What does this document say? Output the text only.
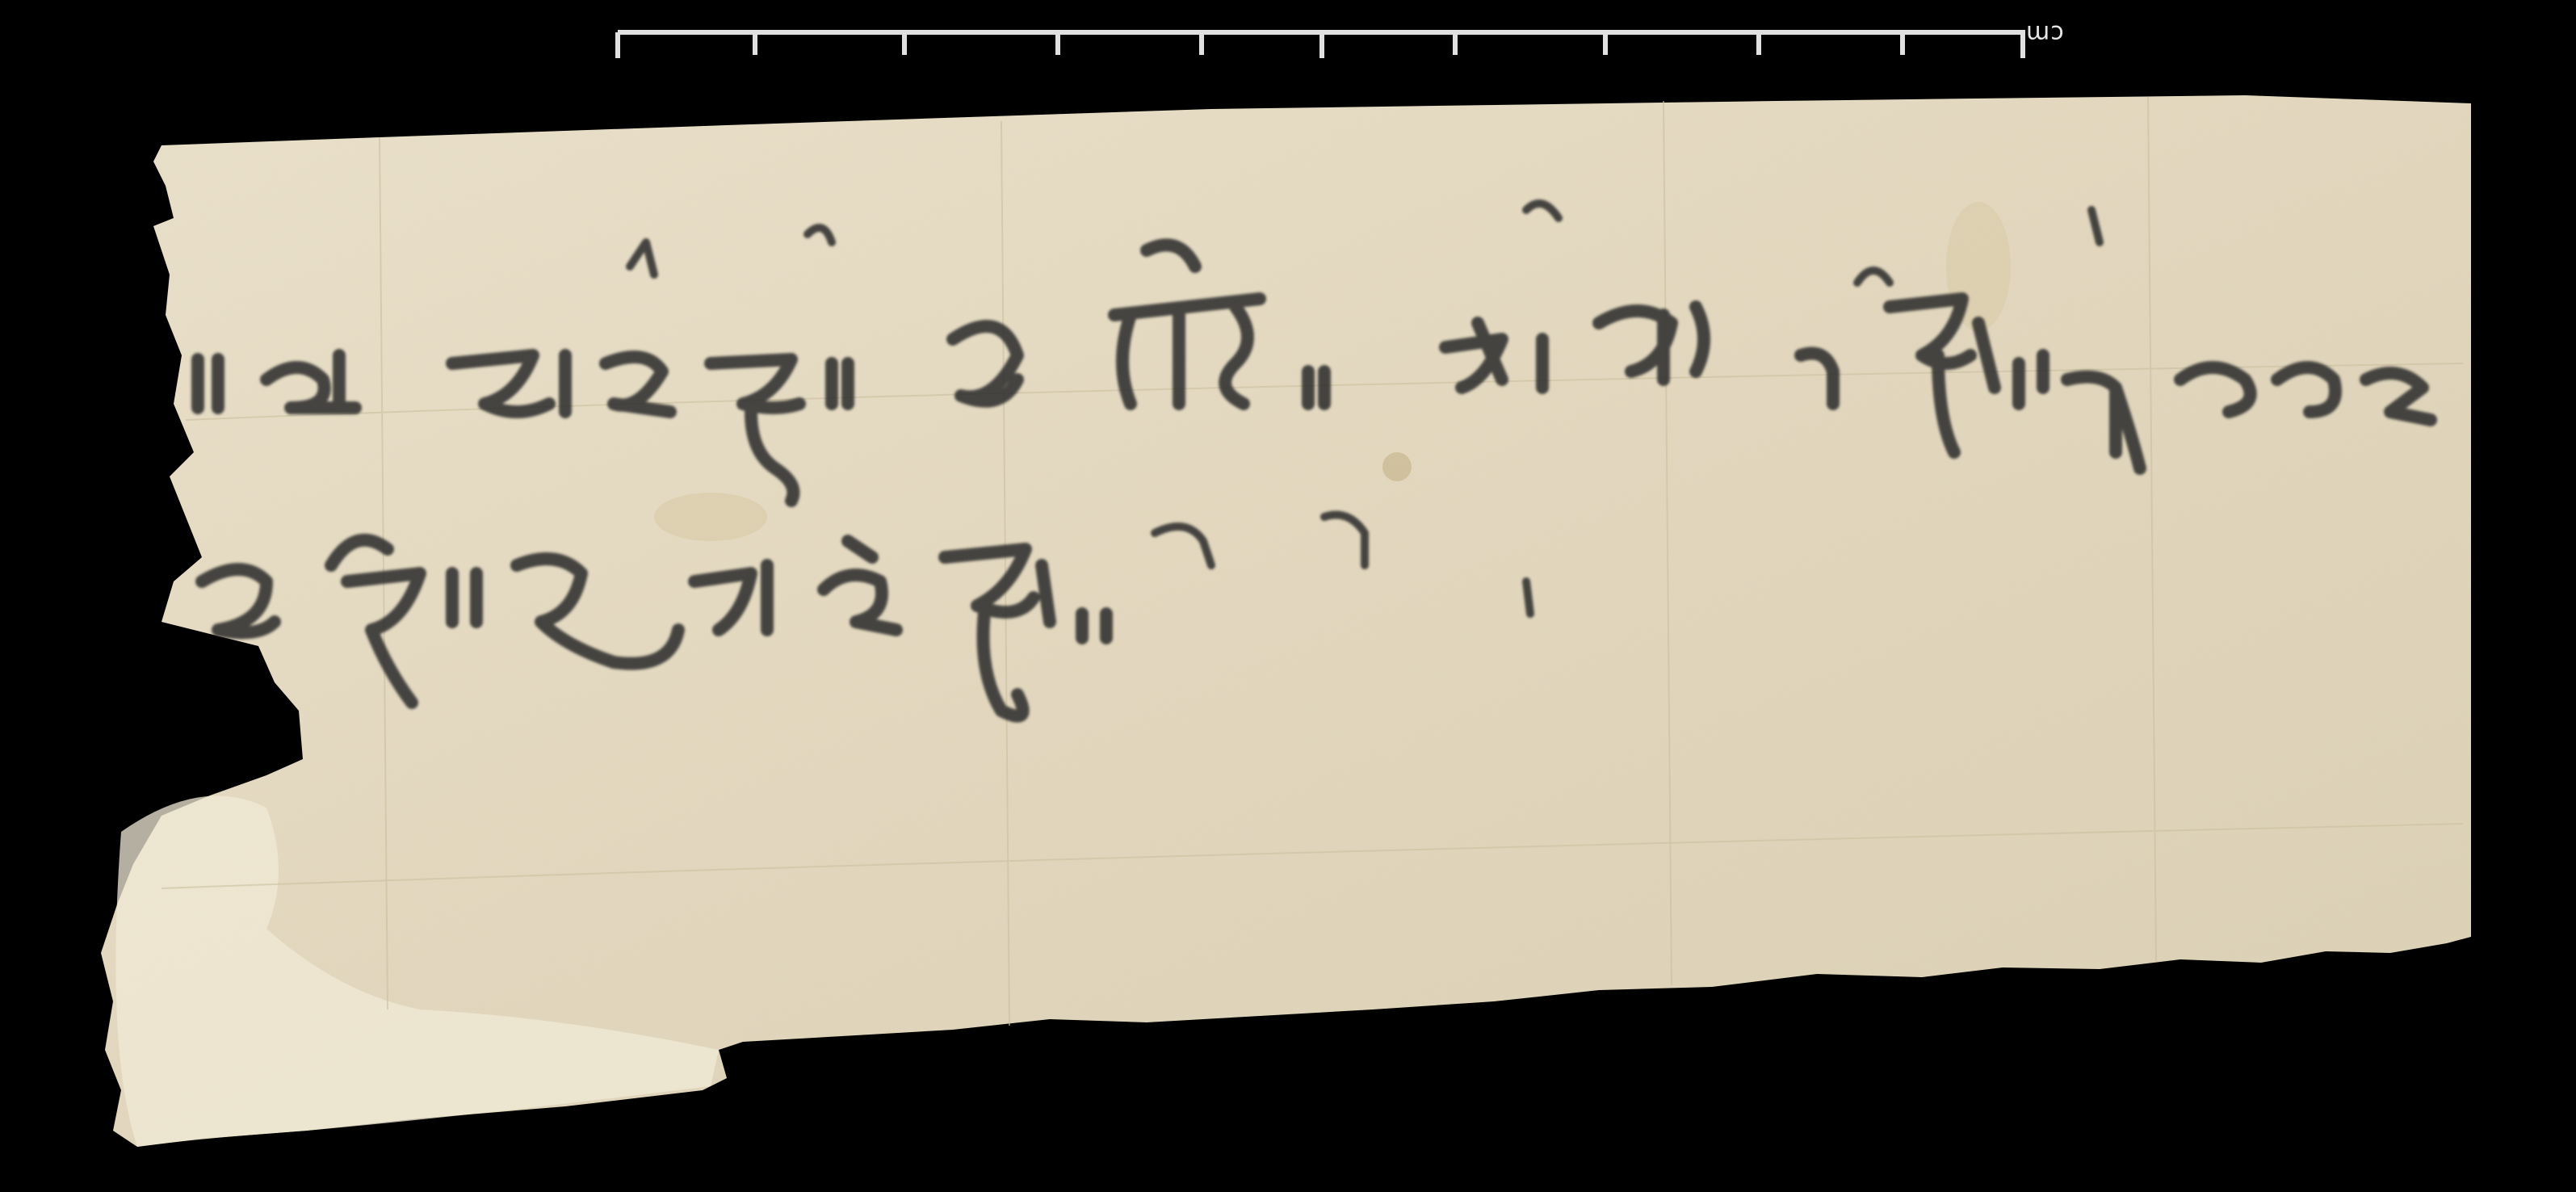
cm
